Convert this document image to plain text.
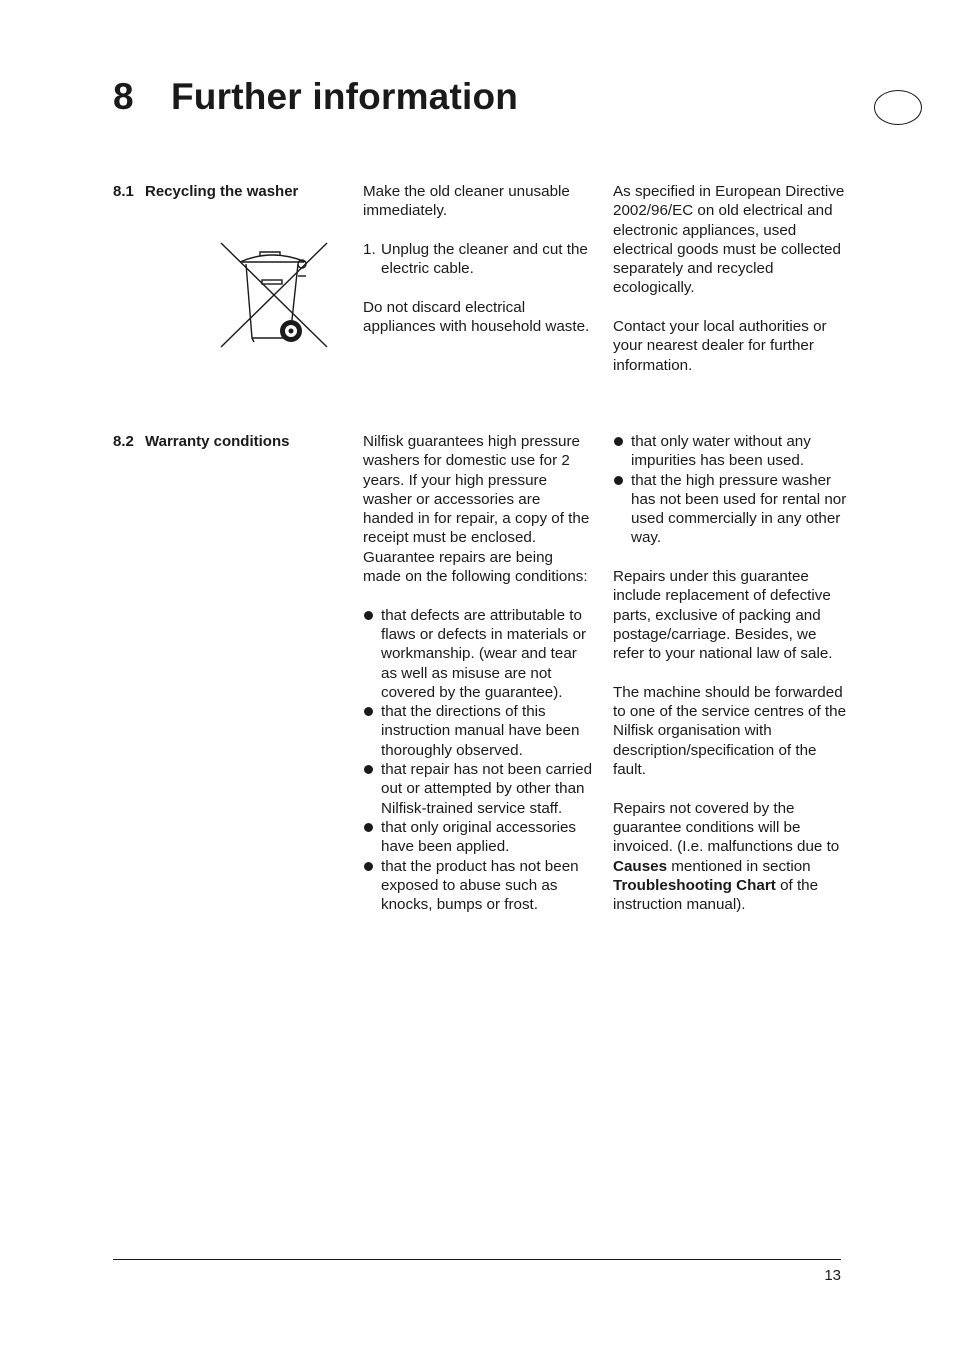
8 Further information
8.1 Recycling the washer	Make the old cleaner unusable immediately.

1. Unplug the cleaner and cut the electric cable.

Do not discard electrical appliances with household waste.

As specified in European Directive 2002/96/EC on old electrical and electronic appliances, used electrical goods must be collected separately and recycled ecologically.

Contact your local authorities or your nearest dealer for further information.

8.2 Warranty conditions	Nilfisk guarantees high pressure washers for domestic use for 2 years. If your high pressure washer or accessories are handed in for repair, a copy of the receipt must be enclosed. Guarantee repairs are being made on the following conditions:

that defects are attributable to flaws or defects in materials or workmanship. (wear and tear as well as misuse are not covered by the guarantee).
that the directions of this instruction manual have been thoroughly observed.
that repair has not been carried out or attempted by other than Nilfisk-trained service staff.
that only original accessories have been applied.
that the product has not been exposed to abuse such as knocks, bumps or frost.
that only water without any impurities has been used.
that the high pressure washer has not been used for rental nor used commercially in any other way.

Repairs under this guarantee include replacement of defective parts, exclusive of packing and postage/carriage. Besides, we refer to your national law of sale.

The machine should be forwarded to one of the service centres of the Nilfisk organisation with description/specification of the fault.

Repairs not covered by the guarantee conditions will be invoiced. (I.e. malfunctions due to Causes mentioned in section Troubleshooting Chart of the instruction manual).

13
